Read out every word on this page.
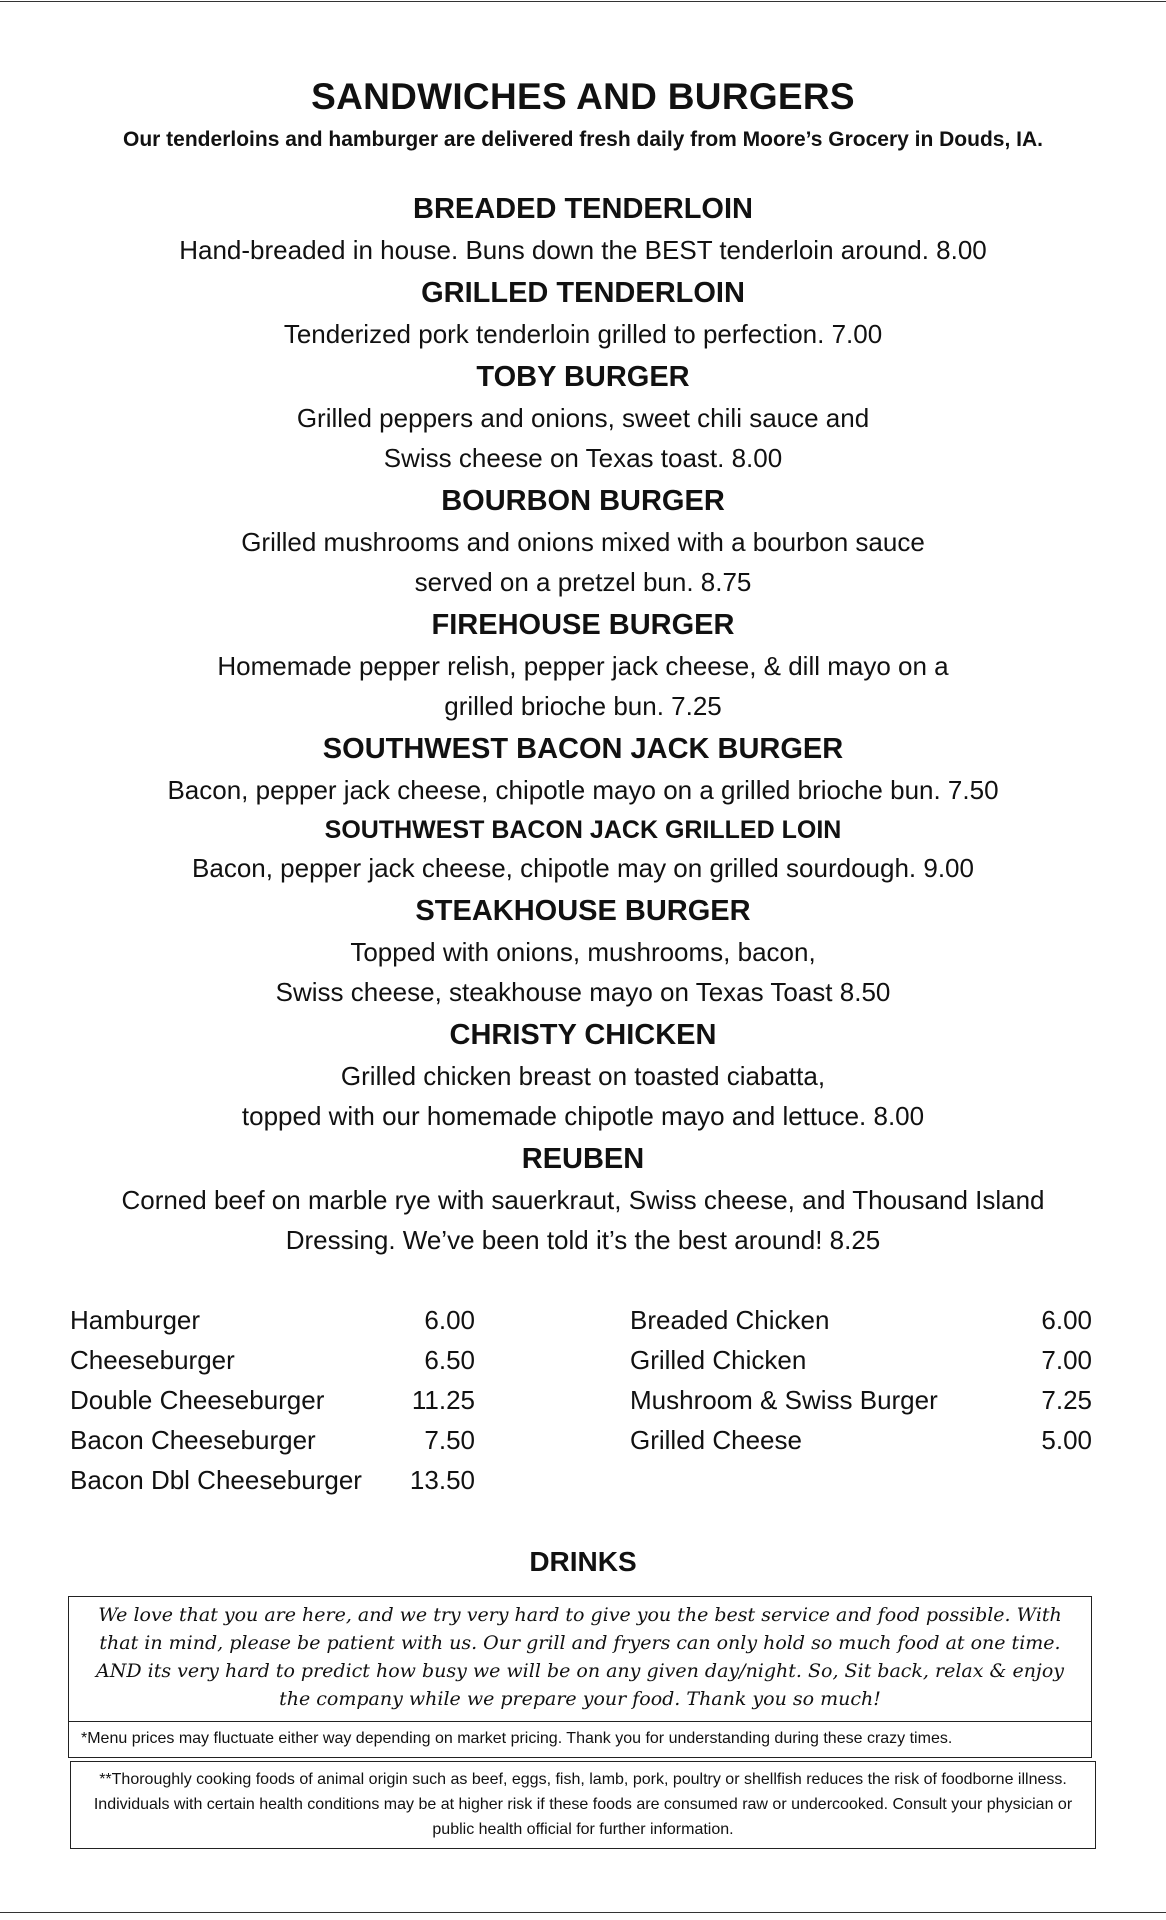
SANDWICHES AND BURGERS
Our tenderloins and hamburger are delivered fresh daily from Moore’s Grocery in Douds, IA.
BREADED TENDERLOIN
Hand-breaded in house. Buns down the BEST tenderloin around. 8.00
GRILLED TENDERLOIN
Tenderized pork tenderloin grilled to perfection. 7.00
TOBY BURGER
Grilled peppers and onions, sweet chili sauce and
Swiss cheese on Texas toast. 8.00
BOURBON BURGER
Grilled mushrooms and onions mixed with a bourbon sauce
served on a pretzel bun. 8.75
FIREHOUSE BURGER
Homemade pepper relish, pepper jack cheese, & dill mayo on a
grilled brioche bun. 7.25
SOUTHWEST BACON JACK BURGER
Bacon, pepper jack cheese, chipotle mayo on a grilled brioche bun. 7.50
SOUTHWEST BACON JACK GRILLED LOIN
Bacon, pepper jack cheese, chipotle may on grilled sourdough. 9.00
STEAKHOUSE BURGER
Topped with onions, mushrooms, bacon,
Swiss cheese, steakhouse mayo on Texas Toast 8.50
CHRISTY CHICKEN
Grilled chicken breast on toasted ciabatta,
topped with our homemade chipotle mayo and lettuce. 8.00
REUBEN
Corned beef on marble rye with sauerkraut, Swiss cheese, and Thousand Island
Dressing. We’ve been told it’s the best around! 8.25
Hamburger	6.00
Cheeseburger	6.50
Double Cheeseburger	11.25
Bacon Cheeseburger	7.50
Bacon Dbl Cheeseburger 13.50
Breaded Chicken	6.00
Grilled Chicken	7.00
Mushroom & Swiss Burger	7.25
Grilled Cheese	5.00
DRINKS
We love that you are here, and we try very hard to give you the best service and food possible. With that in mind, please be patient with us. Our grill and fryers can only hold so much food at one time. AND its very hard to predict how busy we will be on any given day/night. So, Sit back, relax & enjoy the company while we prepare your food. Thank you so much!
*Menu prices may fluctuate either way depending on market pricing. Thank you for understanding during these crazy times.
**Thoroughly cooking foods of animal origin such as beef, eggs, fish, lamb, pork, poultry or shellfish reduces the risk of foodborne illness. Individuals with certain health conditions may be at higher risk if these foods are consumed raw or undercooked. Consult your physician or public health official for further information.
